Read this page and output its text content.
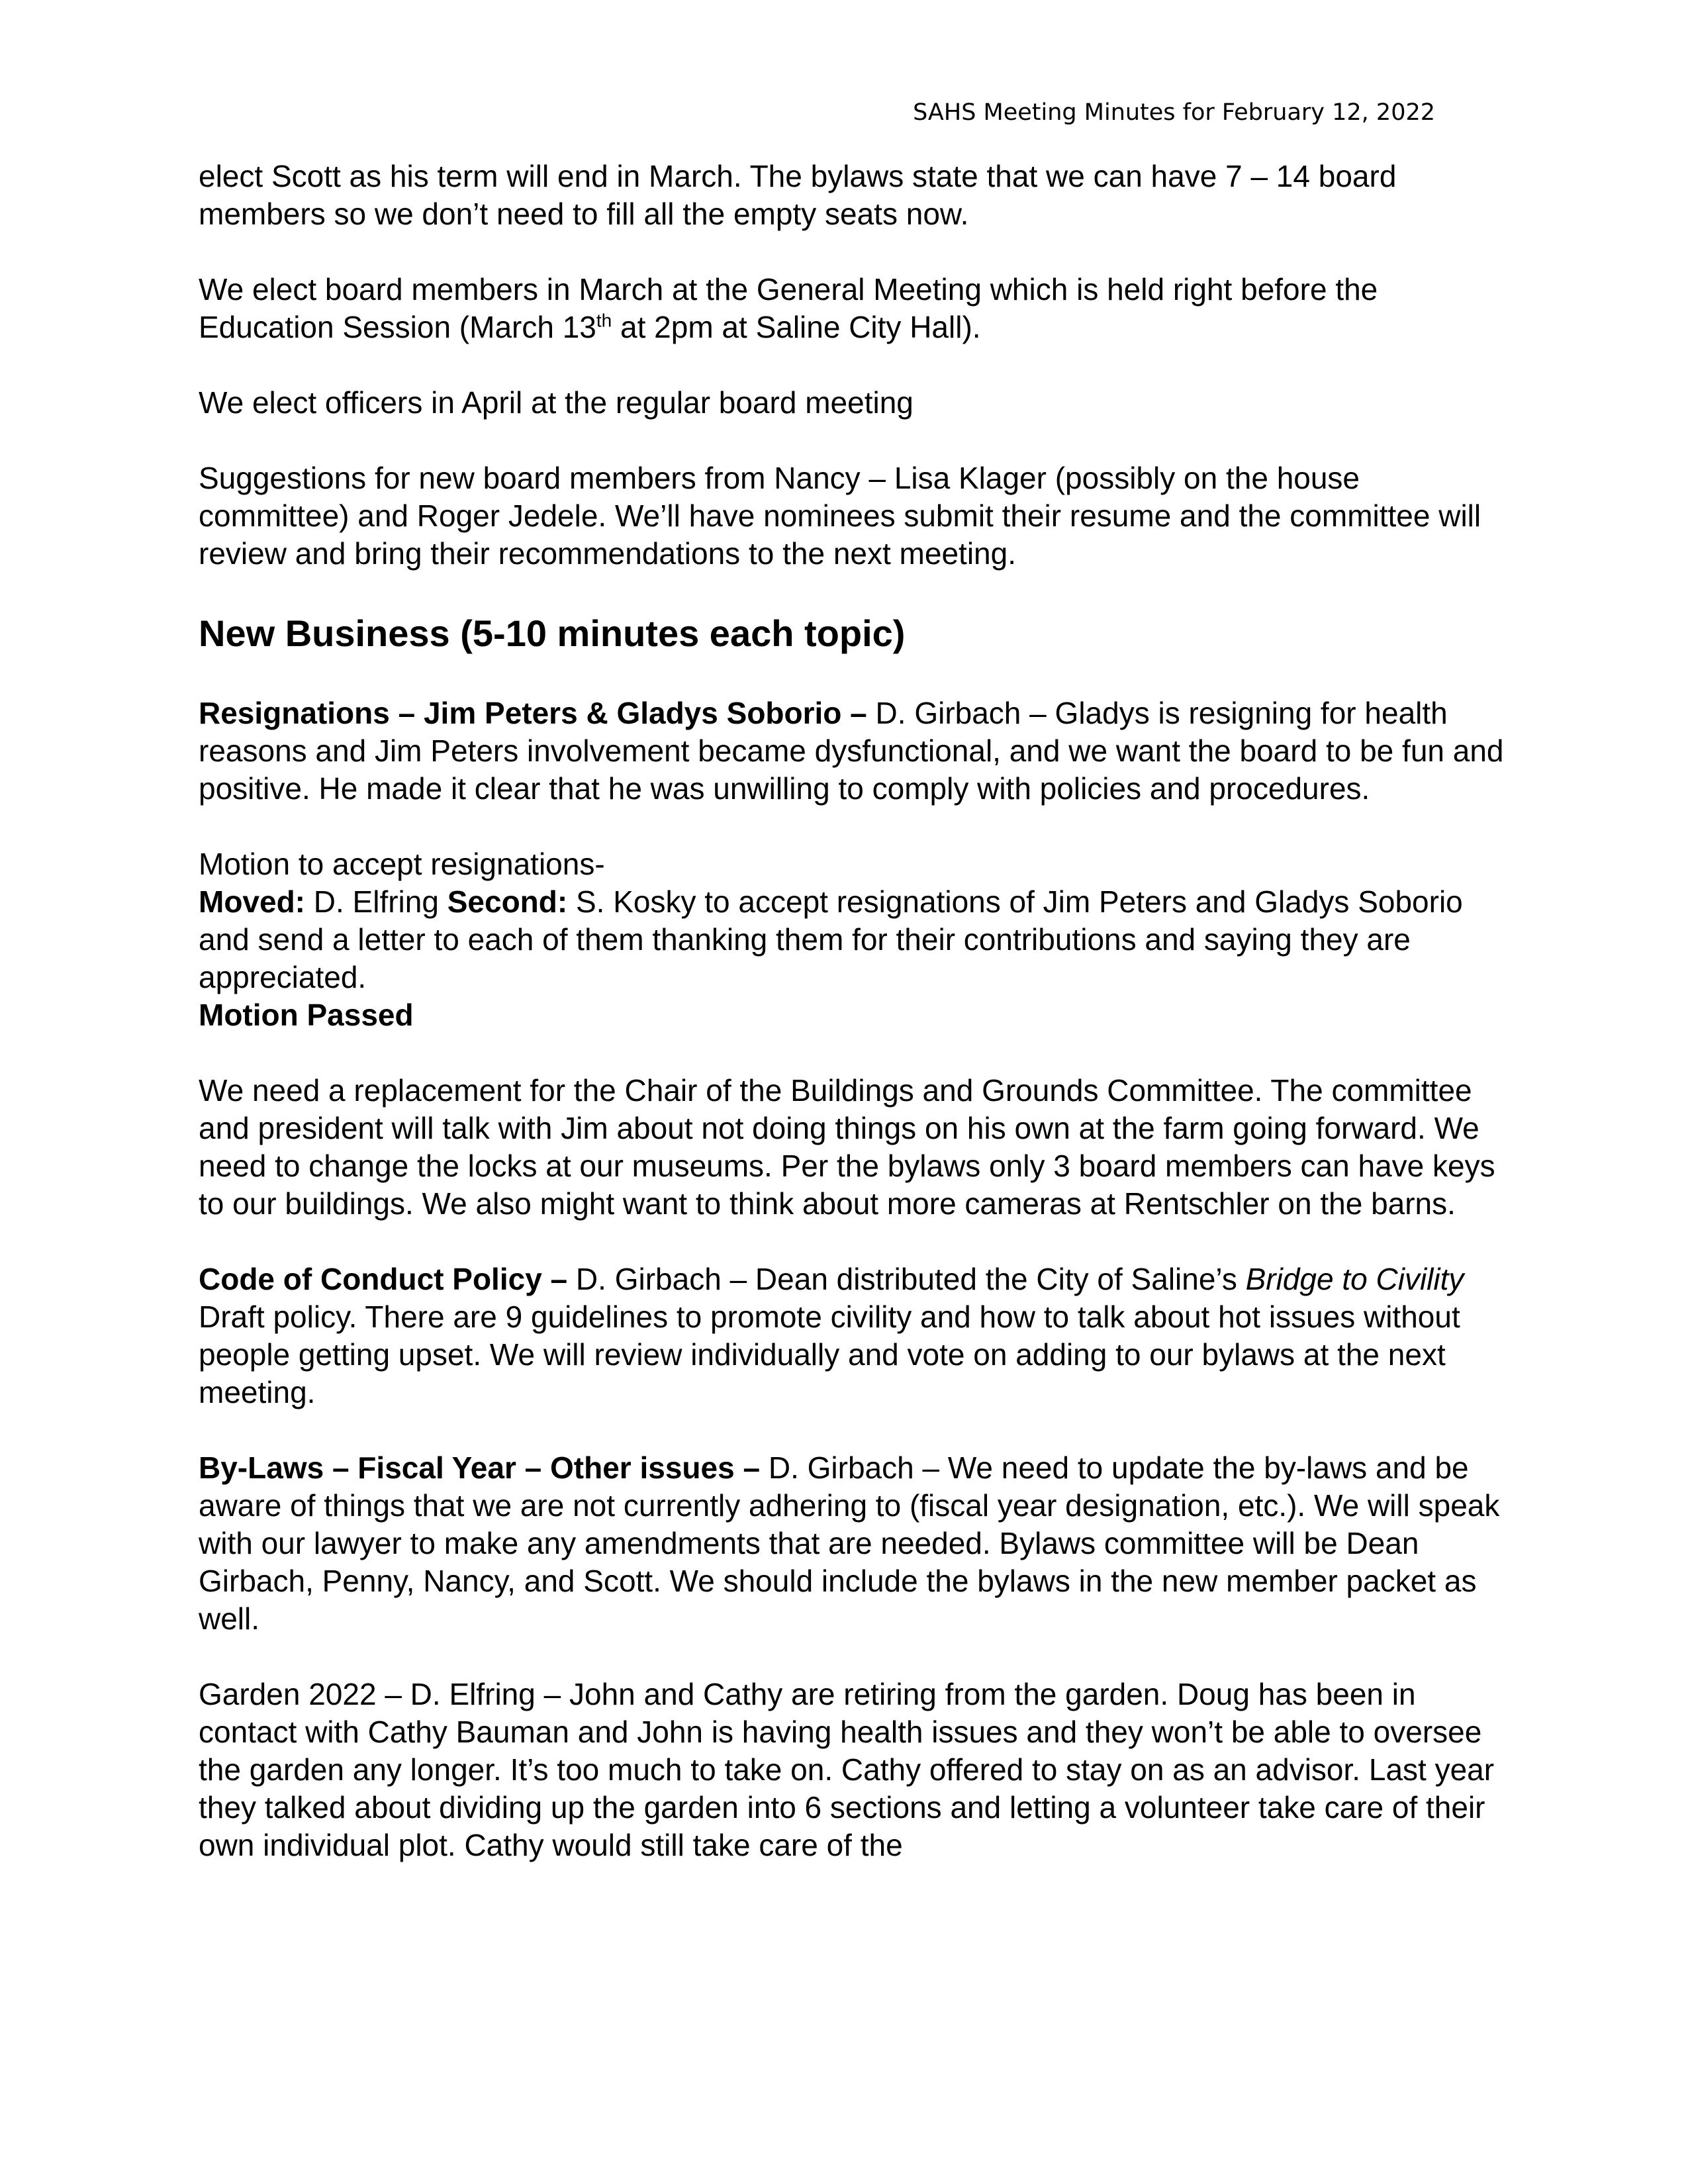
SAHS Meeting Minutes for February 12, 2022

elect Scott as his term will end in March. The bylaws state that we can have 7 – 14 board members so we don’t need to fill all the empty seats now.

We elect board members in March at the General Meeting which is held right before the Education Session (March 13th at 2pm at Saline City Hall).

We elect officers in April at the regular board meeting

Suggestions for new board members from Nancy – Lisa Klager (possibly on the house committee) and Roger Jedele. We’ll have nominees submit their resume and the committee will review and bring their recommendations to the next meeting.

New Business (5-10 minutes each topic)

Resignations – Jim Peters & Gladys Soborio – D. Girbach – Gladys is resigning for health reasons and Jim Peters involvement became dysfunctional, and we want the board to be fun and positive. He made it clear that he was unwilling to comply with policies and procedures.

Motion to accept resignations-

Moved: D. Elfring Second: S. Kosky to accept resignations of Jim Peters and Gladys Soborio and send a letter to each of them thanking them for their contributions and saying they are appreciated.

Motion Passed

We need a replacement for the Chair of the Buildings and Grounds Committee. The committee and president will talk with Jim about not doing things on his own at the farm going forward. We need to change the locks at our museums. Per the bylaws only 3 board members can have keys to our buildings. We also might want to think about more cameras at Rentschler on the barns.

Code of Conduct Policy – D. Girbach – Dean distributed the City of Saline’s Bridge to Civility Draft policy. There are 9 guidelines to promote civility and how to talk about hot issues without people getting upset. We will review individually and vote on adding to our bylaws at the next meeting.

By-Laws – Fiscal Year – Other issues – D. Girbach – We need to update the by-laws and be aware of things that we are not currently adhering to (fiscal year designation, etc.). We will speak with our lawyer to make any amendments that are needed. Bylaws committee will be Dean Girbach, Penny, Nancy, and Scott. We should include the bylaws in the new member packet as well.

Garden 2022 – D. Elfring – John and Cathy are retiring from the garden. Doug has been in contact with Cathy Bauman and John is having health issues and they won’t be able to oversee the garden any longer. It’s too much to take on. Cathy offered to stay on as an advisor. Last year they talked about dividing up the garden into 6 sections and letting a volunteer take care of their own individual plot. Cathy would still take care of the
